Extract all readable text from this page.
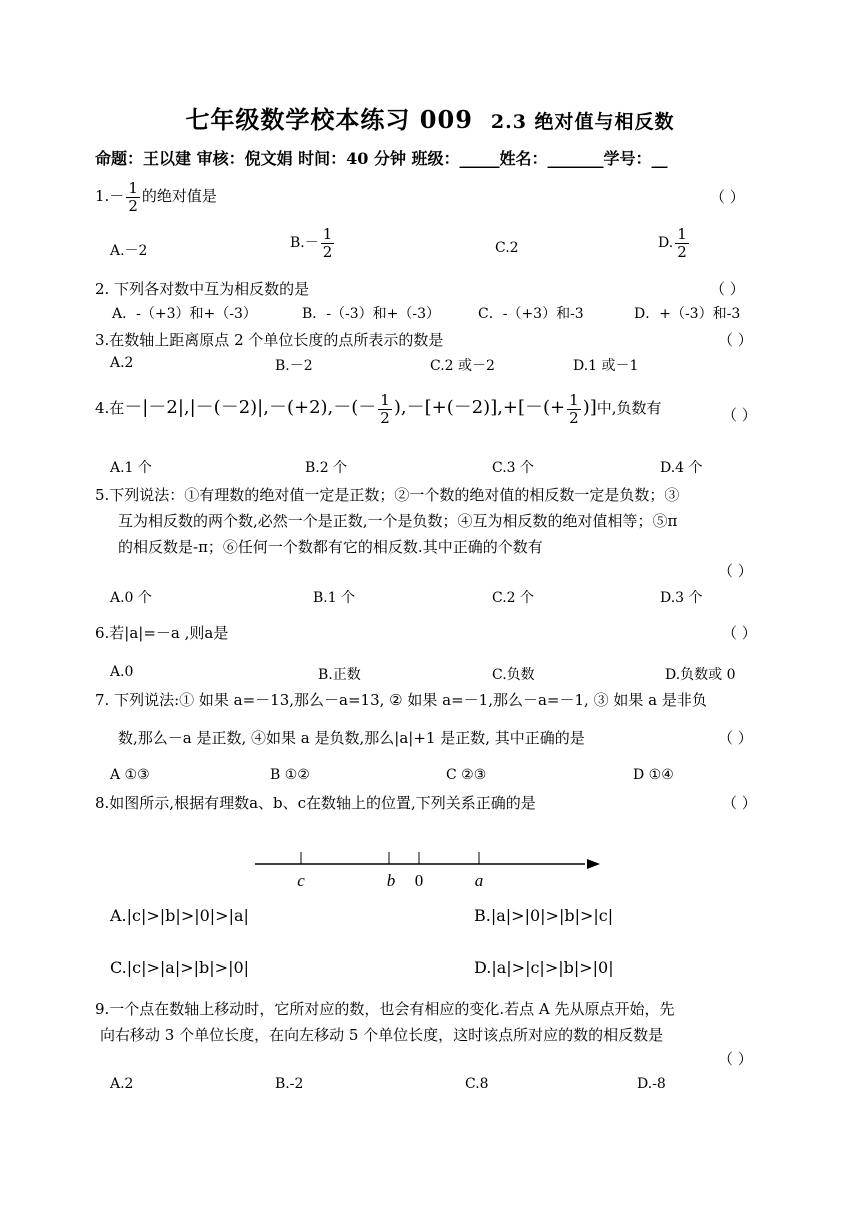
七年级数学校本练习 009 2.3 绝对值与相反数
命题：王以建 审核：倪文娟 时间：40 分钟 班级：_____姓名：_______学号：__
$1.- \frac{1}{2}$ 的绝对值是	（ ）
A.－2	$B.- \frac{1}{2}$	C.2	D. $\frac{1}{2}$
2. 下列各对数中互为相反数的是	（ ）
A．-（+3）和+（-3）	B．-（-3）和+（-3）	C．-（+3）和-3	D．+（-3）和-3
3.在数轴上距离原点 2 个单位长度的点所表示的数是	（ ）
A.2	B.－2	C.2 或－2	D.1 或－1
4.在$-|-2|,|-(-2)|,-(+2),-(- \frac{1}{2} ),-[+(-2)],+[-(+ \frac{1}{2}$ )]中,负数有	（ ）
A.1 个	B.2 个	C.3 个	D.4 个
5.下列说法：①有理数的绝对值一定是正数；②一个数的绝对值的相反数一定是负数；③
互为相反数的两个数,必然一个是正数,一个是负数；④互为相反数的绝对值相等；⑤π
的相反数是-π；⑥任何一个数都有它的相反数.其中正确的个数有
（ ）
A.0 个	B.1 个	C.2 个	D.3 个
6.若|a|=－a ,则a是	（ ）
A.0	B.正数	C.负数	D.负数或 0
7. 下列说法:① 如果 a=－13,那么－a=13, ② 如果 a=－1,那么－a=－1, ③ 如果 a 是非负
数,那么－a 是正数, ④如果 a 是负数,那么|a|+1 是正数, 其中正确的是	（ ）
A ①③	B ①②	C ②③	D ①④
8.如图所示,根据有理数a、b、c在数轴上的位置,下列关系正确的是	（ ）
c	b 0	a
A.|c|>|b|>|0|>|a|	B.|a|>|0|>|b|>|c|
C.|c|>|a|>|b|>|0|	D.|a|>|c|>|b|>|0|
9.一个点在数轴上移动时，它所对应的数，也会有相应的变化.若点 A 先从原点开始，先
向右移动 3 个单位长度，在向左移动 5 个单位长度，这时该点所对应的数的相反数是
（ ）
A.2	B.-2	C.8	D.-8
